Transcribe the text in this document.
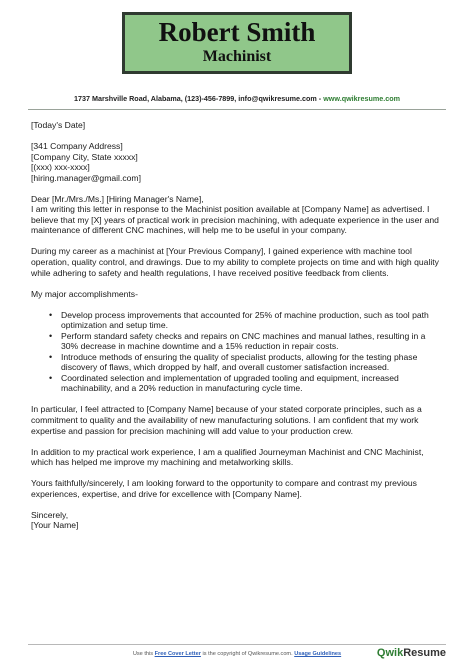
Robert Smith
Machinist
1737 Marshville Road, Alabama, (123)-456-7899, info@qwikresume.com - www.qwikresume.com

[Today's Date]

[341 Company Address]

[Company City, State xxxxx]

[(xxx) xxx-xxxx]

[hiring.manager@gmail.com]

Dear [Mr./Mrs./Ms.] [Hiring Manager's Name],

I am writing this letter in response to the Machinist position available at [Company Name] as advertised. I believe that my [X] years of practical work in precision machining, with adequate experience in the user and maintenance of different CNC machines, will help me to be useful in your company.

During my career as a machinist at [Your Previous Company], I gained experience with machine tool operation, quality control, and drawings. Due to my ability to complete projects on time and with high quality while adhering to safety and health regulations, I have received positive feedback from clients.

My major accomplishments-

• Develop process improvements that accounted for 25% of machine production, such as tool path optimization and setup time.
• Perform standard safety checks and repairs on CNC machines and manual lathes, resulting in a 30% decrease in machine downtime and a 15% reduction in repair costs.
• Introduce methods of ensuring the quality of specialist products, allowing for the testing phase discovery of flaws, which dropped by half, and overall customer satisfaction increased.
• Coordinated selection and implementation of upgraded tooling and equipment, increased machinability, and a 20% reduction in manufacturing cycle time.

In particular, I feel attracted to [Company Name] because of your stated corporate principles, such as a commitment to quality and the availability of new manufacturing solutions. I am confident that my work expertise and passion for precision machining will add value to your production crew.

In addition to my practical work experience, I am a qualified Journeyman Machinist and CNC Machinist, which has helped me improve my machining and metalworking skills.

Yours faithfully/sincerely, I am looking forward to the opportunity to compare and contrast my previous experiences, expertise, and drive for excellence with [Company Name].

Sincerely,

[Your Name]

Use this Free Cover Letter is the copyright of Qwikresume.com. Usage Guidelines	QwikResume
